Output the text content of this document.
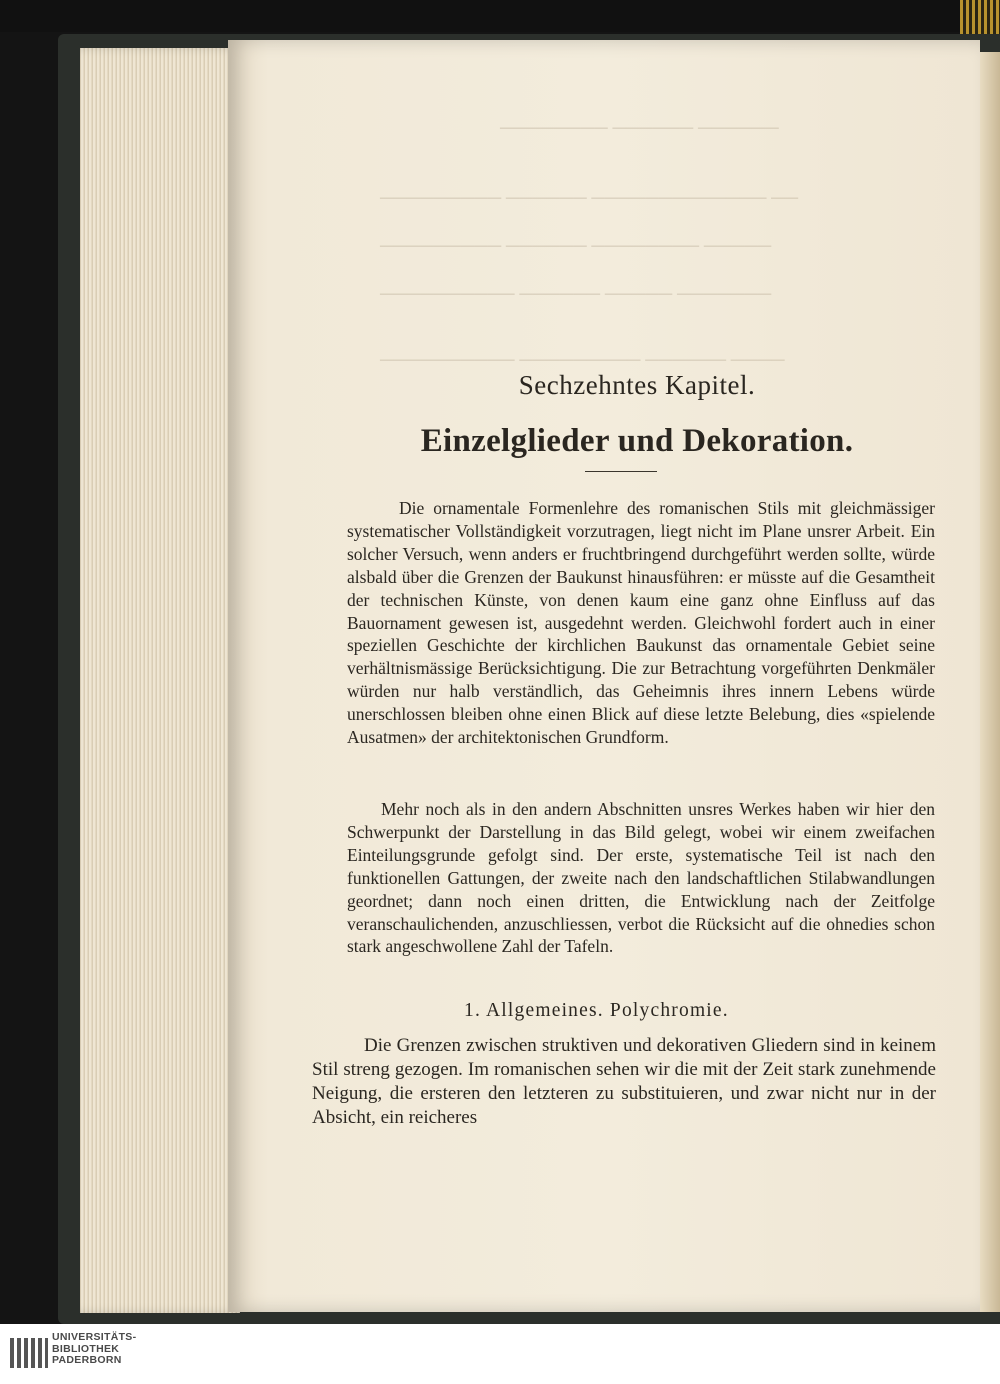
──────── ────── ──────
───────── ────── ───────────── ──
───────── ────── ──────── ─────
────────── ────── ───── ───────
────────── ───────── ────── ────
Sechzehntes Kapitel.
Einzelglieder und Dekoration.
Die ornamentale Formenlehre des romanischen Stils mit gleichmässiger systematischer Vollständigkeit vorzutragen, liegt nicht im Plane unsrer Arbeit. Ein solcher Versuch, wenn anders er fruchtbringend durchgeführt werden sollte, würde alsbald über die Grenzen der Baukunst hinausführen: er müsste auf die Gesamtheit der technischen Künste, von denen kaum eine ganz ohne Einfluss auf das Bauornament gewesen ist, ausgedehnt werden. Gleichwohl fordert auch in einer speziellen Geschichte der kirchlichen Baukunst das ornamentale Gebiet seine verhältnismässige Berücksichtigung. Die zur Betrachtung vorgeführten Denkmäler würden nur halb verständlich, das Geheimnis ihres innern Lebens würde unerschlossen bleiben ohne einen Blick auf diese letzte Belebung, dies «spielende Ausatmen» der architektonischen Grundform.
Mehr noch als in den andern Abschnitten unsres Werkes haben wir hier den Schwerpunkt der Darstellung in das Bild gelegt, wobei wir einem zweifachen Einteilungsgrunde gefolgt sind. Der erste, systematische Teil ist nach den funktionellen Gattungen, der zweite nach den landschaftlichen Stilabwandlungen geordnet; dann noch einen dritten, die Entwicklung nach der Zeitfolge veranschaulichenden, anzuschliessen, verbot die Rücksicht auf die ohnedies schon stark angeschwollene Zahl der Tafeln.
1. Allgemeines. Polychromie.
Die Grenzen zwischen struktiven und dekorativen Gliedern sind in keinem Stil streng gezogen. Im romanischen sehen wir die mit der Zeit stark zunehmende Neigung, die ersteren den letzteren zu substituieren, und zwar nicht nur in der Absicht, ein reicheres
UNIVERSITÄTS-
BIBLIOTHEK
PADERBORN
